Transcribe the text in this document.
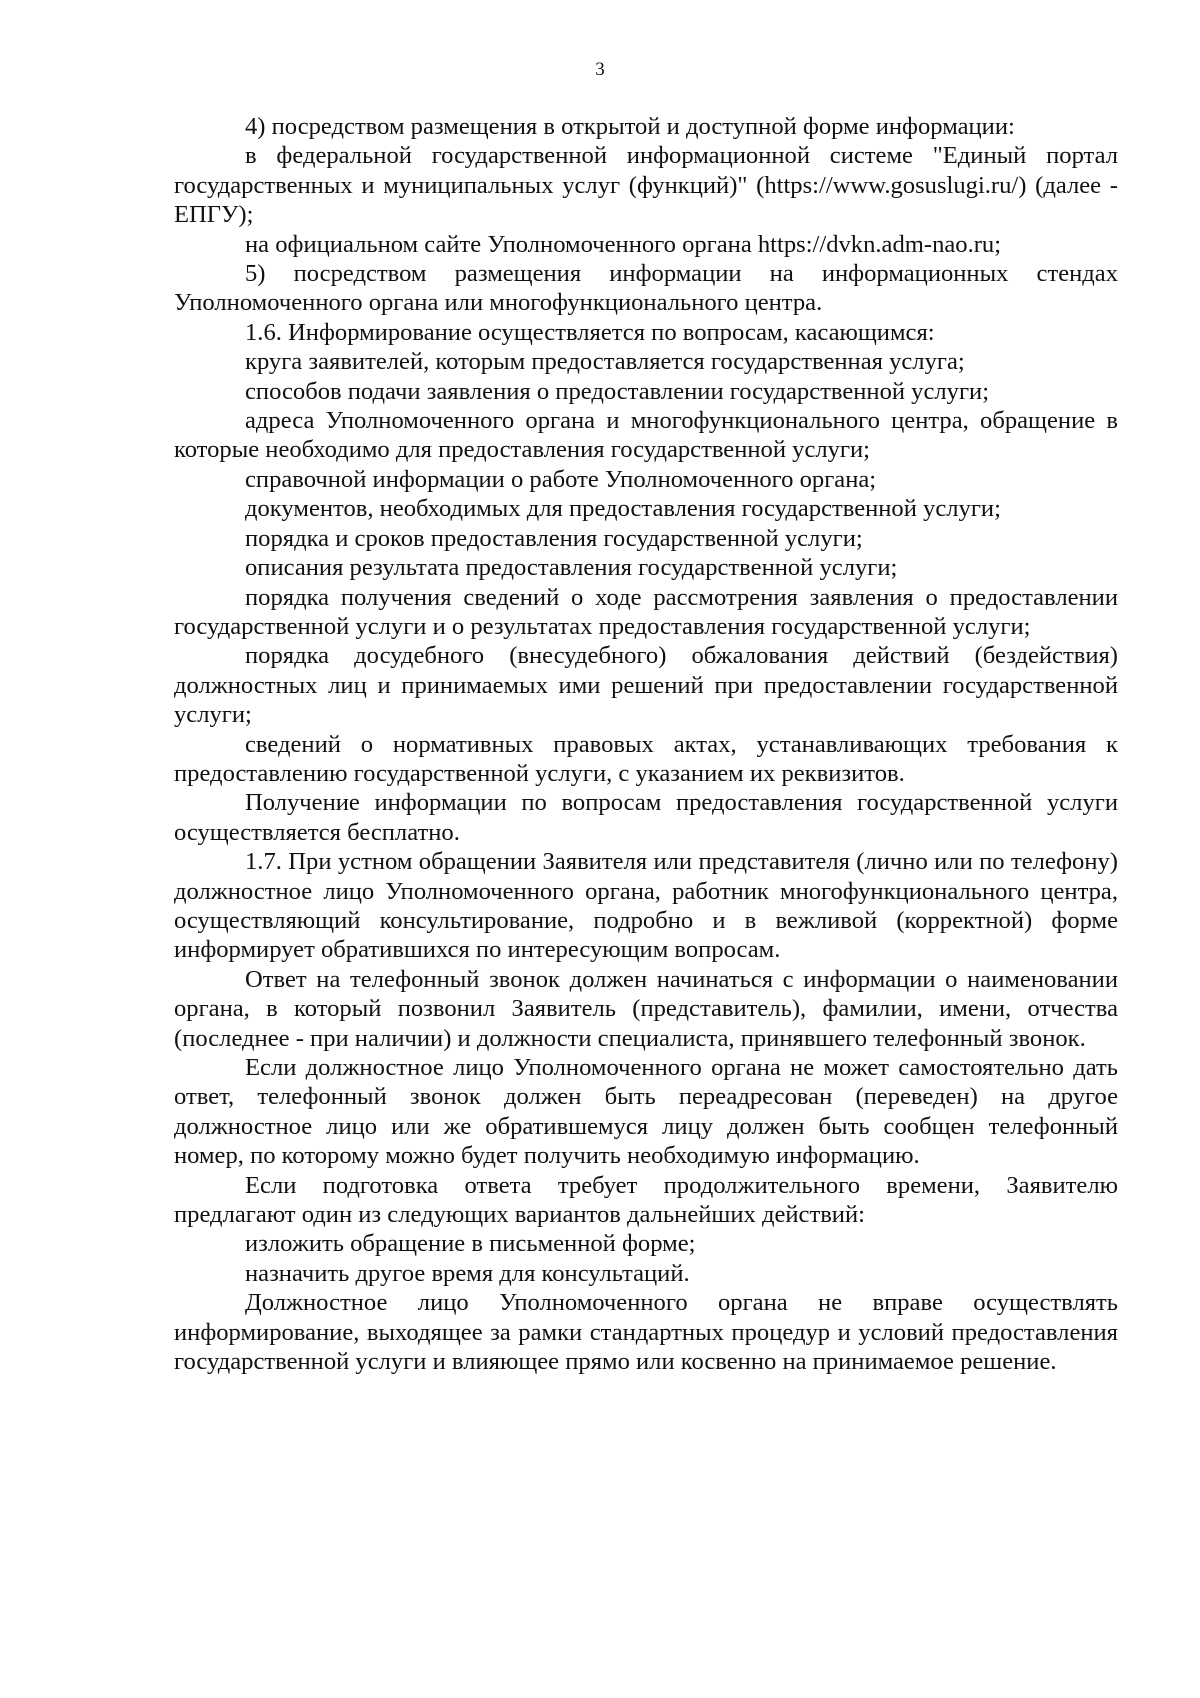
3

4) посредством размещения в открытой и доступной форме информации:

в федеральной государственной информационной системе "Единый портал государственных и муниципальных услуг (функций)" (https://www.gosuslugi.ru/) (далее - ЕПГУ);

на официальном сайте Уполномоченного органа https://dvkn.adm-nao.ru;

5) посредством размещения информации на информационных стендах Уполномоченного органа или многофункционального центра.

1.6. Информирование осуществляется по вопросам, касающимся:

круга заявителей, которым предоставляется государственная услуга;

способов подачи заявления о предоставлении государственной услуги;

адреса Уполномоченного органа и многофункционального центра, обращение в которые необходимо для предоставления государственной услуги;

справочной информации о работе Уполномоченного органа;

документов, необходимых для предоставления государственной услуги;

порядка и сроков предоставления государственной услуги;

описания результата предоставления государственной услуги;

порядка получения сведений о ходе рассмотрения заявления о предоставлении государственной услуги и о результатах предоставления государственной услуги;

порядка досудебного (внесудебного) обжалования действий (бездействия) должностных лиц и принимаемых ими решений при предоставлении государственной услуги;

сведений о нормативных правовых актах, устанавливающих требования к предоставлению государственной услуги, с указанием их реквизитов.

Получение информации по вопросам предоставления государственной услуги осуществляется бесплатно.

1.7. При устном обращении Заявителя или представителя (лично или по телефону) должностное лицо Уполномоченного органа, работник многофункционального центра, осуществляющий консультирование, подробно и в вежливой (корректной) форме информирует обратившихся по интересующим вопросам.

Ответ на телефонный звонок должен начинаться с информации о наименовании органа, в который позвонил Заявитель (представитель), фамилии, имени, отчества (последнее - при наличии) и должности специалиста, принявшего телефонный звонок.

Если должностное лицо Уполномоченного органа не может самостоятельно дать ответ, телефонный звонок должен быть переадресован (переведен) на другое должностное лицо или же обратившемуся лицу должен быть сообщен телефонный номер, по которому можно будет получить необходимую информацию.

Если подготовка ответа требует продолжительного времени, Заявителю предлагают один из следующих вариантов дальнейших действий:

изложить обращение в письменной форме;

назначить другое время для консультаций.

Должностное лицо Уполномоченного органа не вправе осуществлять информирование, выходящее за рамки стандартных процедур и условий предоставления государственной услуги и влияющее прямо или косвенно на принимаемое решение.
